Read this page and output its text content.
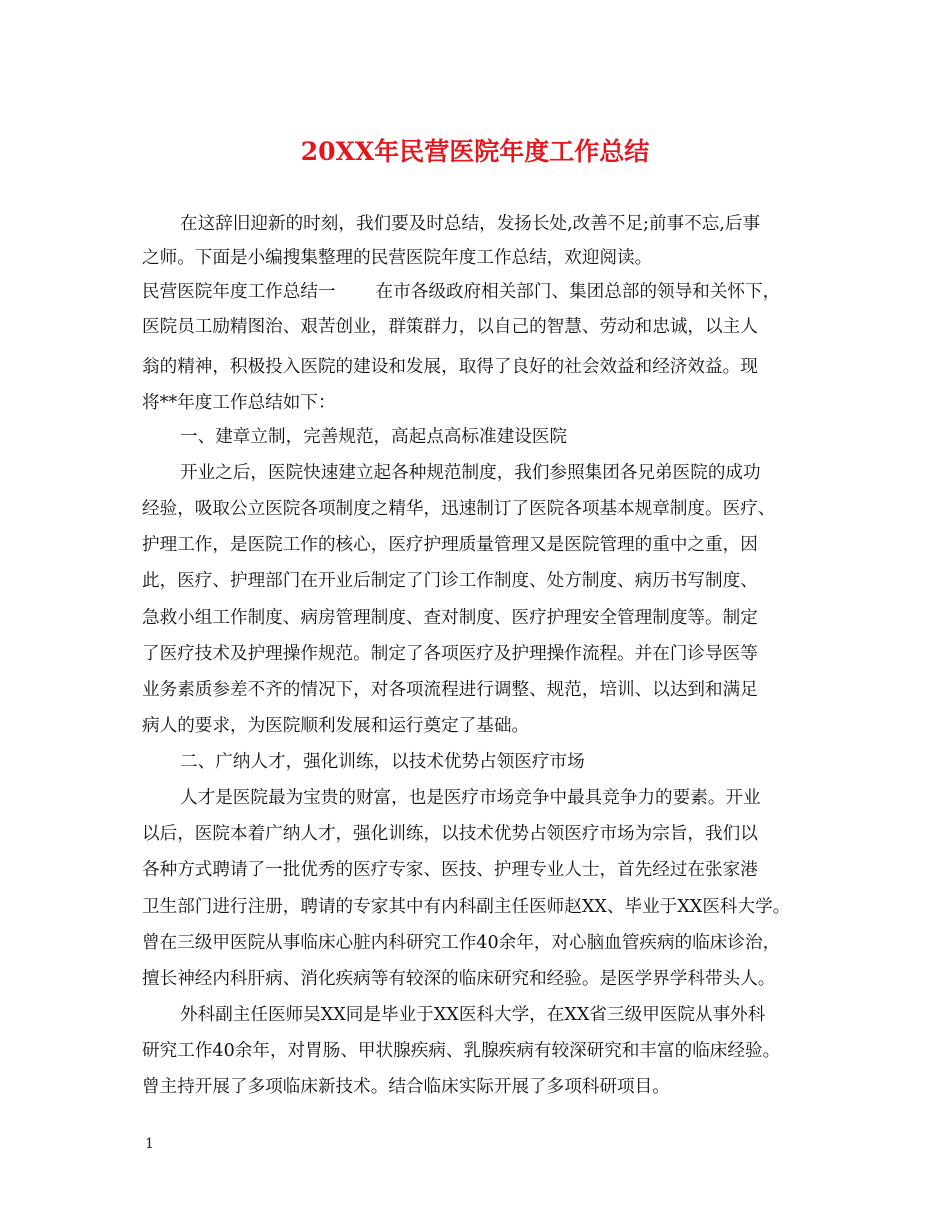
20XX年民营医院年度工作总结
在这辞旧迎新的时刻，我们要及时总结，发扬长处,改善不足;前事不忘,后事
之师。下面是小编搜集整理的民营医院年度工作总结，欢迎阅读。
民营医院年度工作总结一 在市各级政府相关部门、集团总部的领导和关怀下，
医院员工励精图治、艰苦创业，群策群力，以自己的智慧、劳动和忠诚，以主人
翁的精神，积极投入医院的建设和发展，取得了良好的社会效益和经济效益。现
将**年度工作总结如下：
一、建章立制，完善规范，高起点高标准建设医院
开业之后，医院快速建立起各种规范制度，我们参照集团各兄弟医院的成功
经验，吸取公立医院各项制度之精华，迅速制订了医院各项基本规章制度。医疗、
护理工作，是医院工作的核心，医疗护理质量管理又是医院管理的重中之重，因
此，医疗、护理部门在开业后制定了门诊工作制度、处方制度、病历书写制度、
急救小组工作制度、病房管理制度、查对制度、医疗护理安全管理制度等。制定
了医疗技术及护理操作规范。制定了各项医疗及护理操作流程。并在门诊导医等
业务素质参差不齐的情况下，对各项流程进行调整、规范，培训、以达到和满足
病人的要求，为医院顺利发展和运行奠定了基础。
二、广纳人才，强化训练，以技术优势占领医疗市场
人才是医院最为宝贵的财富，也是医疗市场竞争中最具竞争力的要素。开业
以后，医院本着广纳人才，强化训练，以技术优势占领医疗市场为宗旨，我们以
各种方式聘请了一批优秀的医疗专家、医技、护理专业人士，首先经过在张家港
卫生部门进行注册，聘请的专家其中有内科副主任医师赵XX、毕业于XX医科大学。
曾在三级甲医院从事临床心脏内科研究工作40余年，对心脑血管疾病的临床诊治，
擅长神经内科肝病、消化疾病等有较深的临床研究和经验。是医学界学科带头人。
外科副主任医师吴XX同是毕业于XX医科大学，在XX省三级甲医院从事外科
研究工作40余年，对胃肠、甲状腺疾病、乳腺疾病有较深研究和丰富的临床经验。
曾主持开展了多项临床新技术。结合临床实际开展了多项科研项目。
1
